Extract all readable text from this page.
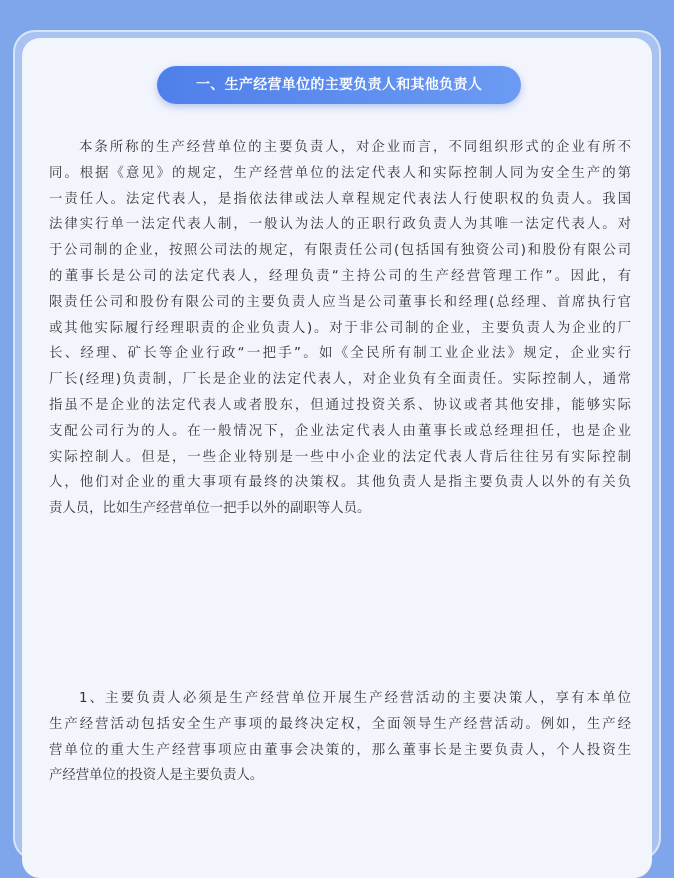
一、生产经营单位的主要负责人和其他负责人
本条所称的生产经营单位的主要负责人，对企业而言，不同组织形式的企业有所不
同。根据《意见》的规定，生产经营单位的法定代表人和实际控制人同为安全生产的第
一责任人。法定代表人，是指依法律或法人章程规定代表法人行使职权的负责人。我国
法律实行单一法定代表人制，一般认为法人的正职行政负责人为其唯一法定代表人。对
于公司制的企业，按照公司法的规定，有限责任公司(包括国有独资公司)和股份有限公司
的董事长是公司的法定代表人，经理负责“主持公司的生产经营管理工作”。因此，有
限责任公司和股份有限公司的主要负责人应当是公司董事长和经理(总经理、首席执行官
或其他实际履行经理职责的企业负责人)。对于非公司制的企业，主要负责人为企业的厂
长、经理、矿长等企业行政“一把手”。如《全民所有制工业企业法》规定，企业实行
厂长(经理)负责制，厂长是企业的法定代表人，对企业负有全面责任。实际控制人，通常
指虽不是企业的法定代表人或者股东，但通过投资关系、协议或者其他安排，能够实际
支配公司行为的人。在一般情况下，企业法定代表人由董事长或总经理担任，也是企业
实际控制人。但是，一些企业特别是一些中小企业的法定代表人背后往往另有实际控制
人，他们对企业的重大事项有最终的决策权。其他负责人是指主要负责人以外的有关负
责人员，比如生产经营单位一把手以外的副职等人员。
1、主要负责人必须是生产经营单位开展生产经营活动的主要决策人，享有本单位
生产经营活动包括安全生产事项的最终决定权，全面领导生产经营活动。例如，生产经
营单位的重大生产经营事项应由董事会决策的，那么董事长是主要负责人，个人投资生
产经营单位的投资人是主要负责人。
